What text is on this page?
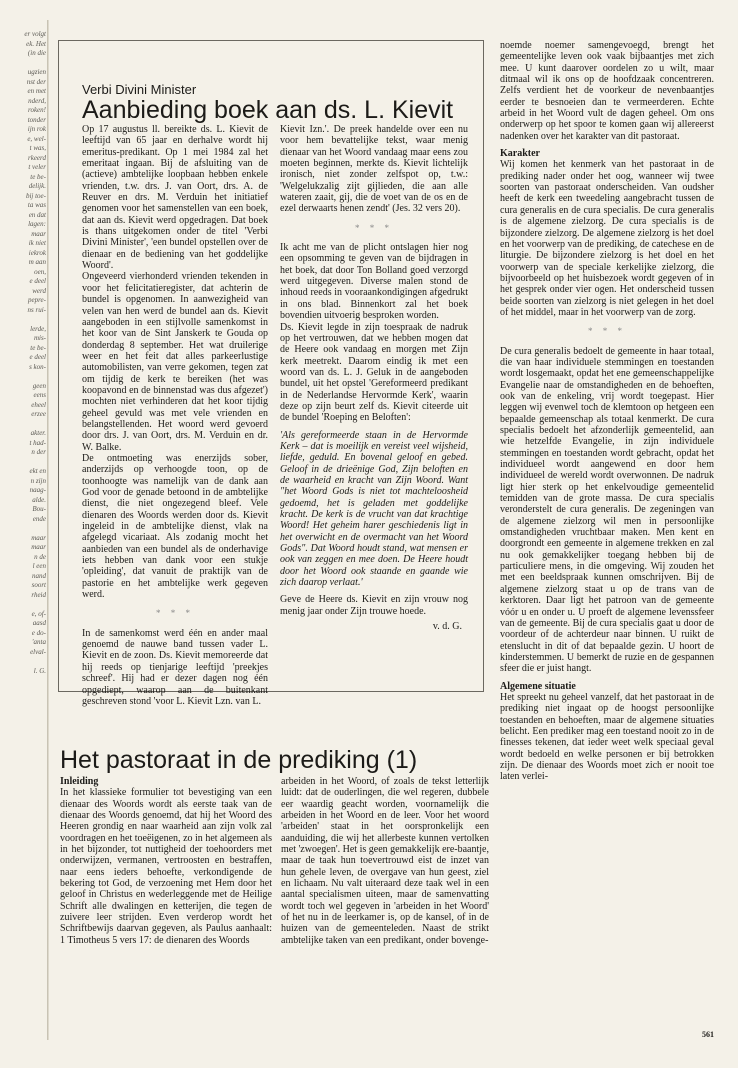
er volgt
ek. Het
(in die

ugzien
nst der
en met
nderd,
roken!
tonder
ijn rok
e, wel-
t was,
rkeerd
t veler
te be-
delijk.
bij toe-
ta was
en dat
lagen:
maar
ik niet
iekrok
m aan
oen,
e deel
werd
pepre-
ns rui-

lerde,
mis-
te be-
e deel
s kon-

geen
eens
eheel
erzee

akter.
t had-
n der

ekt en
n zijn
naag-
alde.
Bou-
ende

maar
maar
n de
l een
nand
soort
rheid

e, of-
aasd
e do-
'anta
elval-

l. G.
Verbi Divini Minister
Aanbieding boek aan ds. L. Kievit

Op 17 augustus ll. bereikte ds. L. Kievit de leeftijd van 65 jaar en derhalve wordt hij emeritus-predikant. Op 1 mei 1984 zal het emeritaat ingaan. Bij de afsluiting van de (actieve) ambtelijke loopbaan hebben enkele vrienden, t.w. drs. J. van Oort, drs. A. de Reuver en drs. M. Verduin het initiatief genomen voor het samenstellen van een boek, dat aan ds. Kievit werd opgedragen. Dat boek is thans uitgekomen onder de titel 'Verbi Divini Minister', 'een bundel opstellen over de dienaar en de bediening van het goddelijke Woord'.

Ongeveerd vierhonderd vrienden tekenden in voor het felicitatieregister, dat achterin de bundel is opgenomen. In aanwezigheid van velen van hen werd de bundel aan ds. Kievit aangeboden in een stijlvolle samenkomst in het koor van de Sint Janskerk te Gouda op donderdag 8 september. Het wat druilerige weer en het feit dat alles parkeerlustige automobilisten, van verre gekomen, tegen zat om tijdig de kerk te bereiken (het was koopavond en de binnenstad was dus afgezet') mochten niet verhinderen dat het koor tijdig geheel gevuld was met vele vrienden en belangstellenden. Het woord werd gevoerd door drs. J. van Oort, drs. M. Verduin en dr. W. Balke.

De ontmoeting was enerzijds sober, anderzijds op verhoogde toon, op de toonhoogte was namelijk van de dank aan God voor de genade betoond in de ambtelijke dienst, die niet ongezegend bleef. Vele dienaren des Woords werden door ds. Kievit ingeleid in de ambtelijke dienst, vlak na afgelegd vicariaat. Als zodanig mocht het aanbieden van een bundel als de onderhavige iets hebben van dank voor een stukje 'opleiding', dat vanuit de praktijk van de pastorie en het ambtelijke werk gegeven werd.

* * *

In de samenkomst werd één en ander maal genoemd de nauwe band tussen vader L. Kievit en de zoon. Ds. Kievit memoreerde dat hij reeds op tienjarige leeftijd 'preekjes schreef'. Hij had er dezer dagen nog één opgediept, waarop aan de buitenkant geschreven stond 'voor L. Kievit Lzn. van L.

Kievit Izn.'. De preek handelde over een nu voor hem bevattelijke tekst, waar menig dienaar van het Woord vandaag maar eens zou moeten beginnen, merkte ds. Kievit lichtelijk ironisch, niet zonder zelfspot op, t.w.: 'Welgelukzalig zijt gijlieden, die aan alle wateren zaait, gij, die de voet van de os en de ezel derwaarts henen zendt' (Jes. 32 vers 20).

* * *

Ik acht me van de plicht ontslagen hier nog een opsomming te geven van de bijdragen in het boek, dat door Ton Bolland goed verzorgd werd uitgegeven. Diverse malen stond de inhoud reeds in vooraankondigingen afgedrukt in ons blad. Binnenkort zal het boek bovendien uitvoerig besproken worden.

Ds. Kievit legde in zijn toespraak de nadruk op het vertrouwen, dat we hebben mogen dat de Heere ook vandaag en morgen met Zijn kerk meetrekt. Daarom eindig ik met een woord van ds. L. J. Geluk in de aangeboden bundel, uit het opstel 'Gereformeerd predikant in de Nederlandse Hervormde Kerk', waarin deze op zijn beurt zelf ds. Kievit citeerde uit de bundel 'Roeping en Beloften':

'Als gereformeerde staan in de Hervormde Kerk – dat is moeilijk en vereist veel wijsheid, liefde, geduld. En bovenal geloof en gebed. Geloof in de drieënige God, Zijn beloften en de waarheid en kracht van Zijn Woord. Want "het Woord Gods is niet tot machteloosheid gedoemd, het is geladen met goddelijke kracht. De kerk is de vrucht van dat krachtige Woord! Het geheim harer geschiedenis ligt in het overwicht en de overmacht van het Woord Gods". Dat Woord houdt stand, wat mensen er ook van zeggen en mee doen. De Heere houdt door het Woord ook staande en gaande wie zich daarop verlaat.'

Geve de Heere ds. Kievit en zijn vrouw nog menig jaar onder Zijn trouwe hoede.

v. d. G.

noemde noemer samengevoegd, brengt het gemeentelijke leven ook vaak bijbaantjes met zich mee. U kunt daarover oordelen zo u wilt, maar ditmaal wil ik ons op de hoofdzaak concentreren. Zelfs verdient het de voorkeur de nevenbaantjes eerder te besnoeien dan te vermeerderen. Echte arbeid in het Woord vult de dagen geheel. Om ons onderwerp op het spoor te komen gaan wij allereerst nadenken over het karakter van dit pastoraat.

Karakter

Wij komen het kenmerk van het pastoraat in de prediking nader onder het oog, wanneer wij twee soorten van pastoraat onderscheiden. Van oudsher heeft de kerk een tweedeling aangebracht tussen de cura generalis en de cura specialis. De cura generalis is de algemene zielzorg. De cura specialis is de bijzondere zielzorg. De algemene zielzorg is het doel en het voorwerp van de prediking, de catechese en de liturgie. De bijzondere zielzorg is het doel en het voorwerp van de speciale kerkelijke zielzorg, die bijvoorbeeld op het huisbezoek wordt gegeven of in het gesprek onder vier ogen. Het onderscheid tussen beide soorten van zielzorg is niet gelegen in het doel of het middel, maar in het voorwerp van de zorg.

* * *

De cura generalis bedoelt de gemeente in haar totaal, die van haar individuele stemmingen en toestanden wordt losgemaakt, opdat het ene gemeenschappelijke Evangelie naar de omstandigheden en de behoeften, ook van de enkeling, vrij wordt toegepast. Hier leggen wij evenwel toch de klemtoon op hetgeen een bepaalde gemeenschap als totaal kenmerkt. De cura specialis bedoelt het afzonderlijk gemeentelid, aan wie hetzelfde Evangelie, in zijn individuele stemmingen en toestanden wordt gebracht, opdat het individueel wordt aangewend en door hem individueel de wereld wordt overwonnen. De nadruk ligt hier sterk op het enkelvoudige gemeentelid temidden van de grote massa. De cura specialis veronderstelt de cura generalis. De zegeningen van de algemene zielzorg wil men in persoonlijke omstandigheden vruchtbaar maken. Men kent en doorgrondt een gemeente in algemene trekken en zal nu ook gemakkelijker toegang hebben bij de particuliere mens, in die omgeving. Wij zouden het met een beeldspraak kunnen omschrijven. Bij de algemene zielzorg staat u op de trans van de kerktoren. Daar ligt het patroon van de gemeente vóór u en onder u. U proeft de algemene levenssfeer van de gemeente. Bij de cura specialis gaat u door de voordeur of de achterdeur naar binnen. U ruikt de etenslucht in dit of dat bepaalde gezin. U hoort de kinderstemmen. U bemerkt de ruzie en de gespannen sfeer die er juist hangt.

Algemene situatie

Het spreekt nu geheel vanzelf, dat het pastoraat in de prediking niet ingaat op de hoogst persoonlijke toestanden en behoeften, maar de algemene situaties belicht. Een prediker mag een toestand nooit zo in de finesses tekenen, dat ieder weet welk speciaal geval wordt bedoeld en welke personen er bij betrokken zijn. De dienaar des Woords moet zich er nooit toe laten verlei-

Het pastoraat in de prediking (1)

Inleiding

In het klassieke formulier tot bevestiging van een dienaar des Woords wordt als eerste taak van de dienaar des Woords genoemd, dat hij het Woord des Heeren grondig en naar waarheid aan zijn volk zal voordragen en het toeëigenen, zo in het algemeen als in het bijzonder, tot nuttigheid der toehoorders met onderwijzen, vermanen, vertroosten en bestraffen, naar eens ieders behoefte, verkondigende de bekering tot God, de verzoening met Hem door het geloof in Christus en wederleggende met de Heilige Schrift alle dwalingen en ketterijen, die tegen de zuivere leer strijden. Even verderop wordt het Schriftbewijs daarvan gegeven, als Paulus aanhaalt: 1 Timotheus 5 vers 17: de dienaren des Woords

arbeiden in het Woord, of zoals de tekst letterlijk luidt: dat de ouderlingen, die wel regeren, dubbele eer waardig geacht worden, voornamelijk die arbeiden in het Woord en de leer. Voor het woord 'arbeiden' staat in het oorspronkelijk een aanduiding, die wij het allerbeste kunnen vertolken met 'zwoegen'. Het is geen gemakkelijk ere-baantje, maar de taak hun toevertrouwd eist de inzet van hun gehele leven, de overgave van hun geest, ziel en lichaam. Nu valt uiteraard deze taak wel in een aantal specialismen uiteen, maar de samenvatting wordt toch wel gegeven in 'arbeiden in het Woord' of het nu in de leerkamer is, op de kansel, of in de huizen van de gemeenteleden. Naast de strikt ambtelijke taken van een predikant, onder bovenge-

561
